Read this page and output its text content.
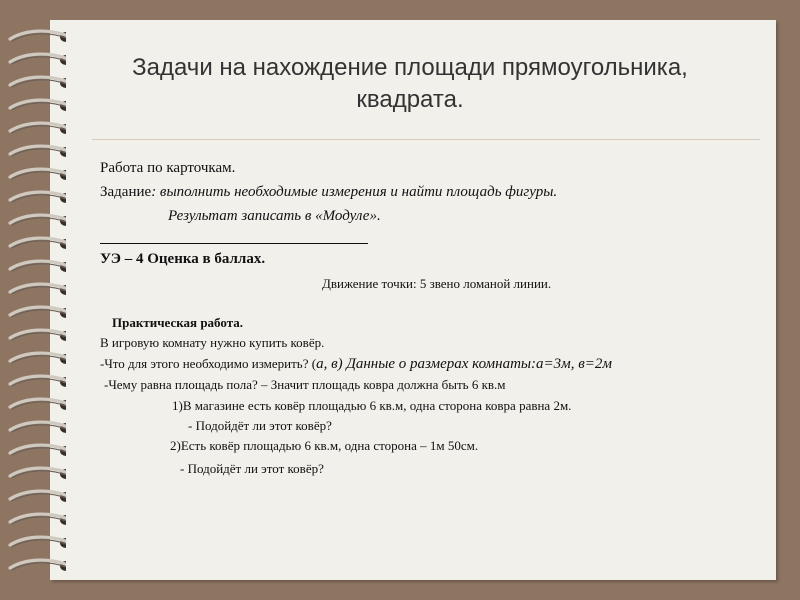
Задачи на нахождение площади прямоугольника, квадрата.
Работа по карточкам.
Задание: выполнить необходимые измерения и найти площадь фигуры.
Результат записать в «Модуле».
УЭ – 4 Оценка в баллах.
Движение точки: 5 звено ломаной линии.
Практическая работа.
В игровую комнату нужно купить ковёр.
-Что для этого необходимо измерить? (а, в) Данные о размерах комнаты:а=3м, в=2м
-Чему равна площадь пола? – Значит площадь ковра должна быть 6 кв.м
1)В магазине есть ковёр площадью 6 кв.м, одна сторона ковра равна 2м.
- Подойдёт ли этот ковёр?
2)Есть ковёр площадью 6 кв.м, одна сторона – 1м 50см.
- Подойдёт ли этот ковёр?
